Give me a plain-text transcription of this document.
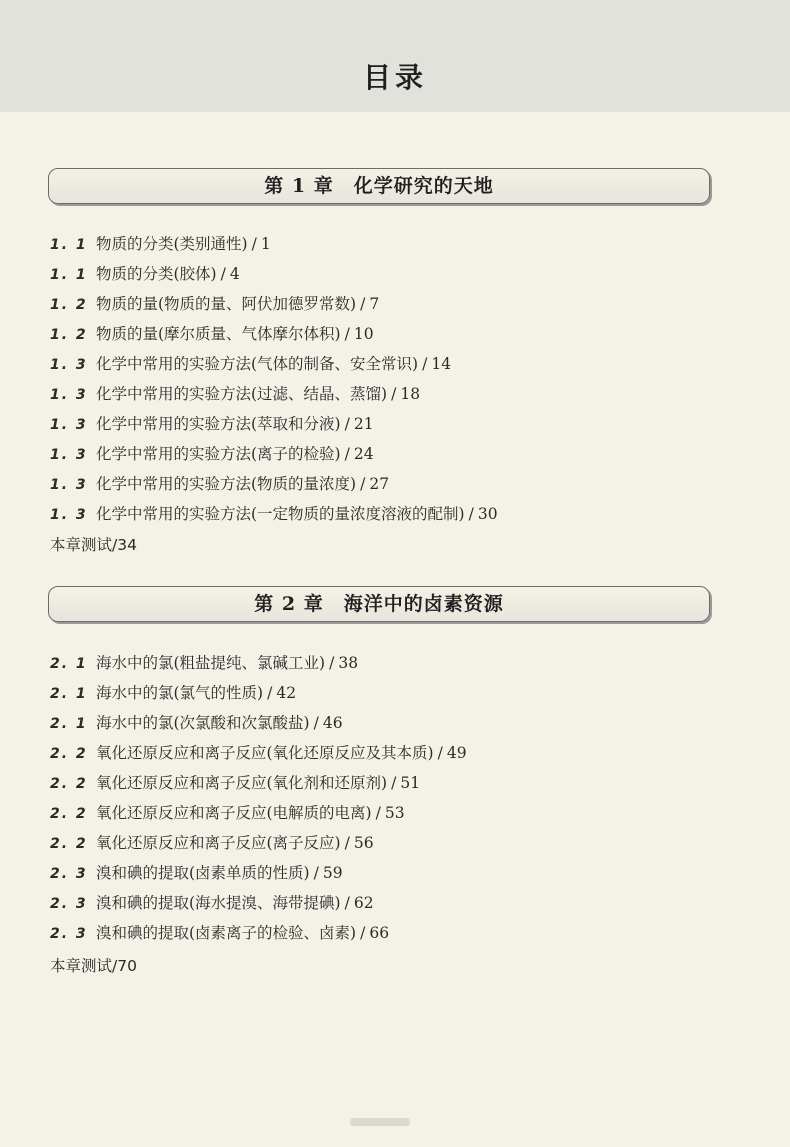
目录
第 1 章 化学研究的天地
1. 1 物质的分类(类别通性) / 1
1. 1 物质的分类(胶体) / 4
1. 2 物质的量(物质的量、阿伏加德罗常数) / 7
1. 2 物质的量(摩尔质量、气体摩尔体积) / 10
1. 3 化学中常用的实验方法(气体的制备、安全常识) / 14
1. 3 化学中常用的实验方法(过滤、结晶、蒸馏) / 18
1. 3 化学中常用的实验方法(萃取和分液) / 21
1. 3 化学中常用的实验方法(离子的检验) / 24
1. 3 化学中常用的实验方法(物质的量浓度) / 27
1. 3 化学中常用的实验方法(一定物质的量浓度溶液的配制) / 30
本章测试/34
第 2 章 海洋中的卤素资源
2. 1 海水中的氯(粗盐提纯、氯碱工业) / 38
2. 1 海水中的氯(氯气的性质) / 42
2. 1 海水中的氯(次氯酸和次氯酸盐) / 46
2. 2 氧化还原反应和离子反应(氧化还原反应及其本质) / 49
2. 2 氧化还原反应和离子反应(氧化剂和还原剂) / 51
2. 2 氧化还原反应和离子反应(电解质的电离) / 53
2. 2 氧化还原反应和离子反应(离子反应) / 56
2. 3 溴和碘的提取(卤素单质的性质) / 59
2. 3 溴和碘的提取(海水提溴、海带提碘) / 62
2. 3 溴和碘的提取(卤素离子的检验、卤素) / 66
本章测试/70
